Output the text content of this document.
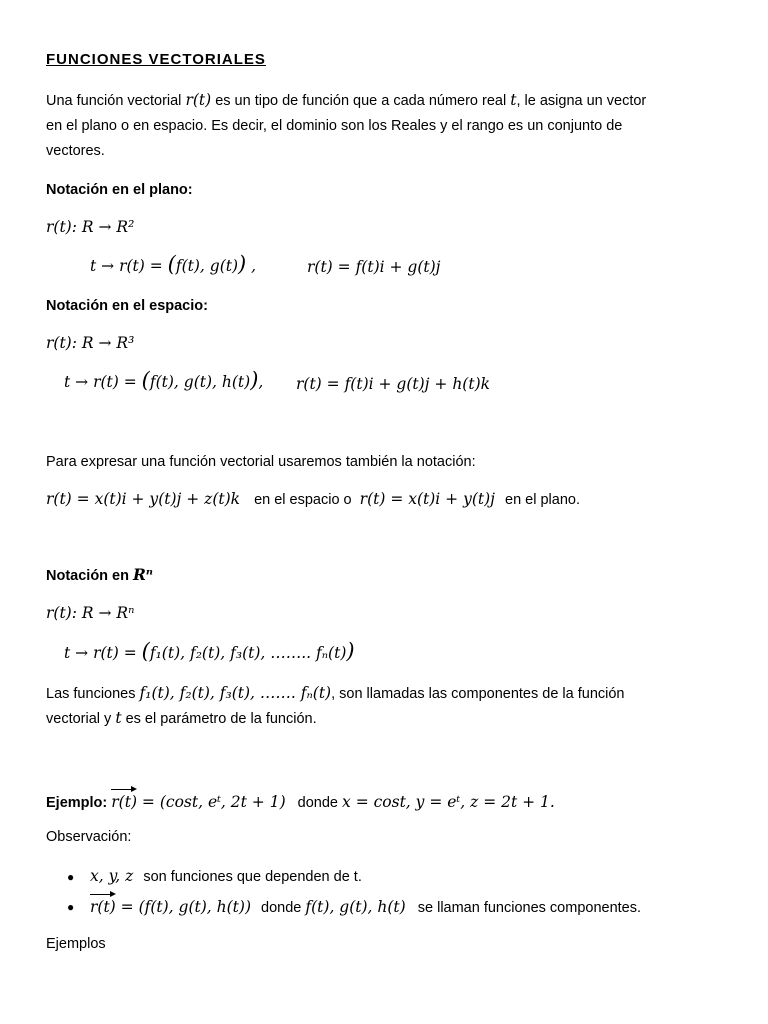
FUNCIONES VECTORIALES
Una función vectorial r(t) es un tipo de función que a cada número real t, le asigna un vector
en el plano o en espacio. Es decir, el dominio son los Reales y el rango es un conjunto de
vectores.
Notación en el plano:
r(t): R → R²
t → r(t) = (f(t), g(t)) ,	r(t) = f(t)i + g(t)j
Notación en el espacio:
r(t): R → R³
t → r(t) = (f(t), g(t), h(t)), r(t) = f(t)i + g(t)j + h(t)k
Para expresar una función vectorial usaremos también la notación:
r(t) = x(t)i + y(t)j + z(t)k en el espacio o r(t) = x(t)i + y(t)j en el plano.
Notación en Rⁿ
r(t): R → Rⁿ
t → r(t) = (f₁(t), f₂(t), f₃(t), …….. fₙ(t))
Las funciones f₁(t), f₂(t), f₃(t), ……. fₙ(t), son llamadas las componentes de la función
vectorial y t es el parámetro de la función.
Ejemplo: r(t) = (cost, eᵗ, 2t + 1) donde x = cost, y = eᵗ, z = 2t + 1.
Observación:
● x, y, z son funciones que dependen de t.
● r(t) = (f(t), g(t), h(t)) donde f(t), g(t), h(t) se llaman funciones componentes.
Ejemplos
